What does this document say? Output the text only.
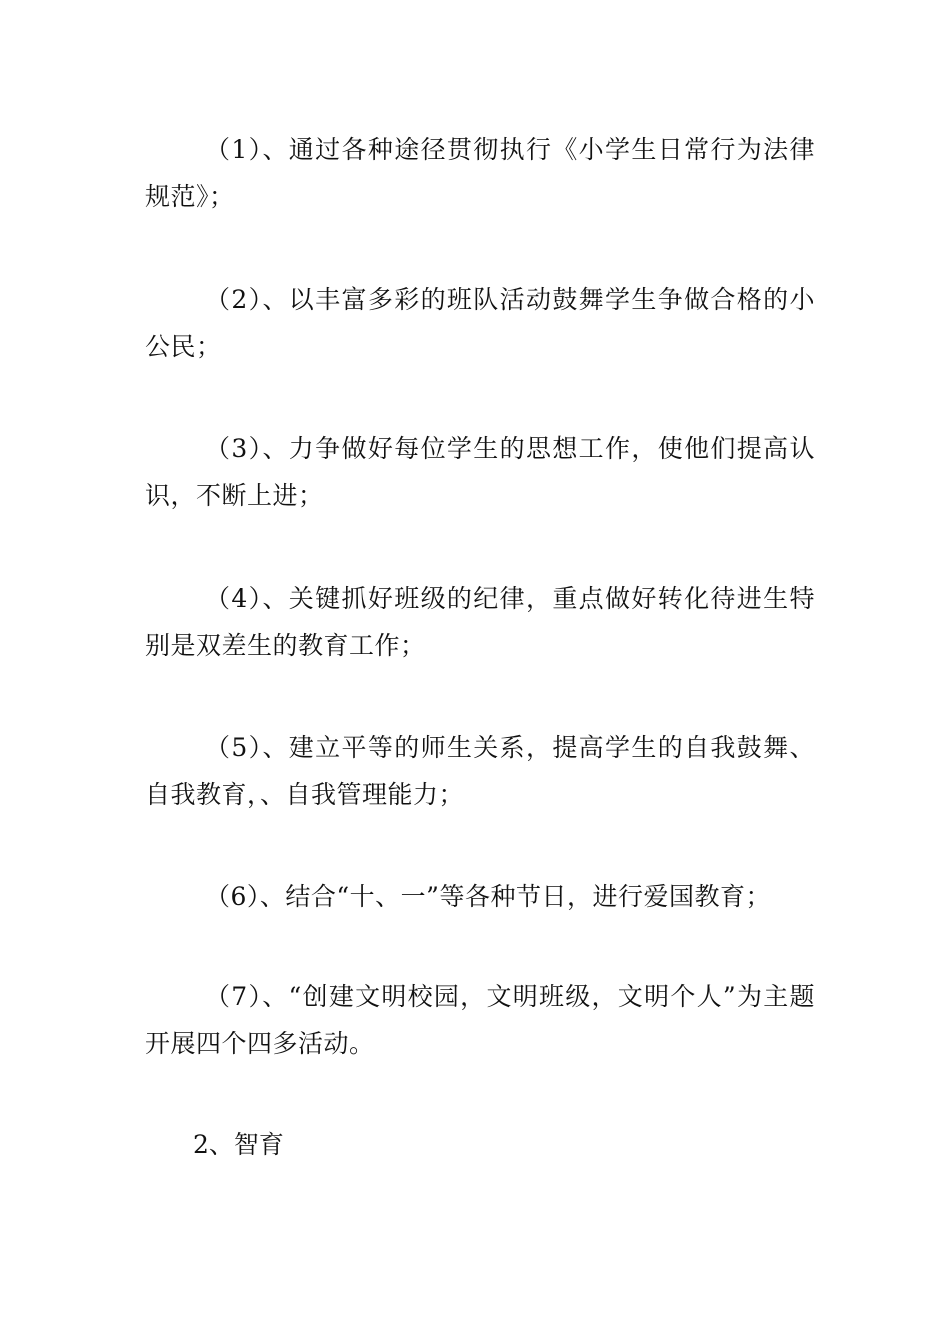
（1）、通过各种途径贯彻执行《小学生日常行为法律规范》；

（2）、以丰富多彩的班队活动鼓舞学生争做合格的小公民；

（3）、力争做好每位学生的思想工作，使他们提高认识，不断上进；

（4）、关键抓好班级的纪律，重点做好转化待进生特别是双差生的教育工作；

（5）、建立平等的师生关系，提高学生的自我鼓舞、自我教育，、自我管理能力；

（6）、结合“十、一”等各种节日，进行爱国教育；

（7）、“创建文明校园，文明班级，文明个人”为主题开展四个四多活动。

2、智育
